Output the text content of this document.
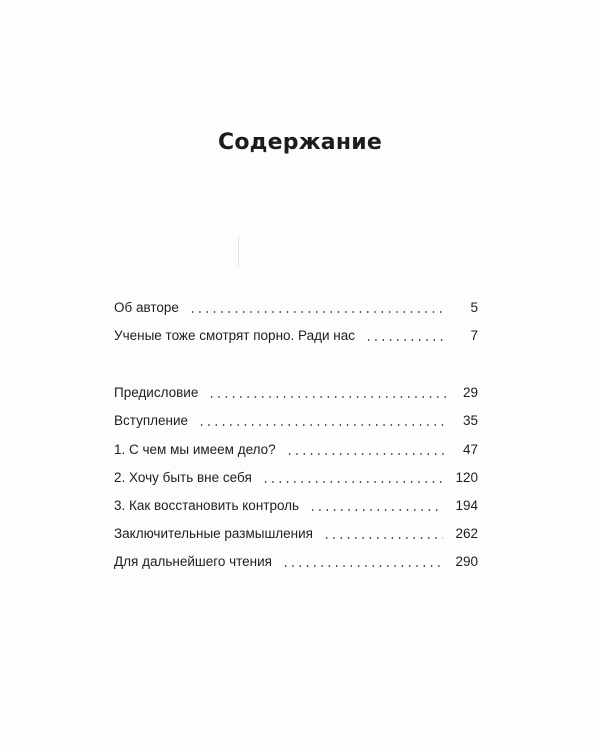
Содержание
Об авторе	5
Ученые тоже смотрят порно. Ради нас	7
Предисловие	29
Вступление	35
1. С чем мы имеем дело?	47
2. Хочу быть вне себя	120
3. Как восстановить контроль	194
Заключительные размышления	262
Для дальнейшего чтения	290
